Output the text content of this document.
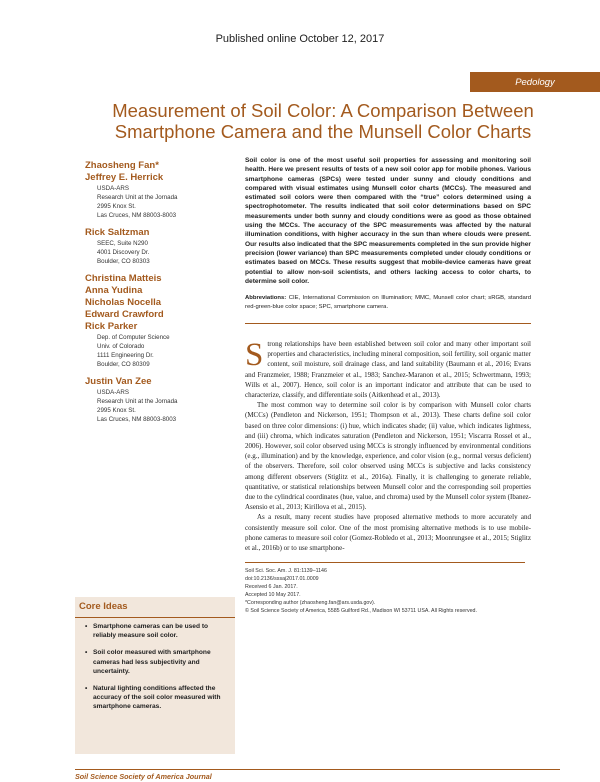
Published online October 12, 2017
Pedology
Measurement of Soil Color: A Comparison Between Smartphone Camera and the Munsell Color Charts
Zhaosheng Fan*
Jeffrey E. Herrick
USDA-ARS
Research Unit at the Jornada
2995 Knox St.
Las Cruces, NM 88003-8003
Rick Saltzman
SEEC, Suite N290
4001 Discovery Dr.
Boulder, CO 80303
Christina Matteis
Anna Yudina
Nicholas Nocella
Edward Crawford
Rick Parker
Dep. of Computer Science
Univ. of Colorado
1111 Engineering Dr.
Boulder, CO 80309
Justin Van Zee
USDA-ARS
Research Unit at the Jornada
2995 Knox St.
Las Cruces, NM 88003-8003

Soil color is one of the most useful soil properties for assessing and monitoring soil health. Here we present results of tests of a new soil color app for mobile phones. Various smartphone cameras (SPCs) were tested under sunny and cloudy conditions and compared with visual estimates using Munsell color charts (MCCs). The measured and estimated soil colors were then compared with the “true” colors determined using a spectrophotometer. The results indicated that soil color determinations based on SPC measurements under both sunny and cloudy conditions were as good as those obtained using the MCCs. The accuracy of the SPC measurements was affected by the natural illumination conditions, with higher accuracy in the sun than where clouds were present. Our results also indicated that the SPC measurements completed in the sun provide higher precision (lower variance) than SPC measurements completed under cloudy conditions or estimates based on MCCs. These results suggest that mobile-device cameras have great potential to allow non-soil scientists, and others lacking access to color charts, to determine soil color.

Abbreviations: CIE, International Commission on Illumination; MMC, Munsell color chart; sRGB, standard red-green-blue color space; SPC, smartphone camera.

Strong relationships have been established between soil color and many other important soil properties and characteristics, including mineral composition, soil fertility, soil organic matter content, soil moisture, soil drainage class, and land suitability (Baumann et al., 2016; Evans and Franzmeier, 1988; Franzmeier et al., 1983; Sanchez-Maranon et al., 2015; Schwertmann, 1993; Wills et al., 2007). Hence, soil color is an important indicator and attribute that can be used to characterize, classify, and differentiate soils (Aitkenhead et al., 2013).

The most common way to determine soil color is by comparison with Munsell color charts (MCCs) (Pendleton and Nickerson, 1951; Thompson et al., 2013). These charts define soil color based on three color dimensions: (i) hue, which indicates shade; (ii) value, which indicates lightness, and (iii) chroma, which indicates saturation (Pendleton and Nickerson, 1951; Viscarra Rossel et al., 2006). However, soil color observed using MCCs is strongly influenced by environmental conditions (e.g., illumination) and by the knowledge, experience, and color vision (e.g., normal versus deficient) of the observers. Therefore, soil color observed using MCCs is subjective and lacks consistency among different observers (Stiglitz et al., 2016a). Finally, it is challenging to generate reliable, quantitative, or statistical relationships between Munsell color and the corresponding soil properties due to the cylindrical coordinates (hue, value, and chroma) used by the Munsell color system (Ibanez-Asensio et al., 2013; Kirillova et al., 2015).

As a result, many recent studies have proposed alternative methods to more accurately and consistently measure soil color. One of the most promising alternative methods is to use mobile-phone cameras to measure soil color (Gomez-Robledo et al., 2013; Moonrungsee et al., 2015; Stiglitz et al., 2016b) or to use smartphone-

Soil Sci. Soc. Am. J. 81:1139–1146
doi:10.2136/sssaj2017.01.0009
Received 6 Jan. 2017.
Accepted 10 May 2017.
*Corresponding author (zhaosheng.fan@ars.usda.gov).
© Soil Science Society of America, 5585 Guilford Rd., Madison WI 53711 USA. All Rights reserved.
Core Ideas
• Smartphone cameras can be used to reliably measure soil color.
• Soil color measured with smartphone cameras had less subjectivity and uncertainty.
• Natural lighting conditions affected the accuracy of the soil color measured with smartphone cameras.
Soil Science Society of America Journal
